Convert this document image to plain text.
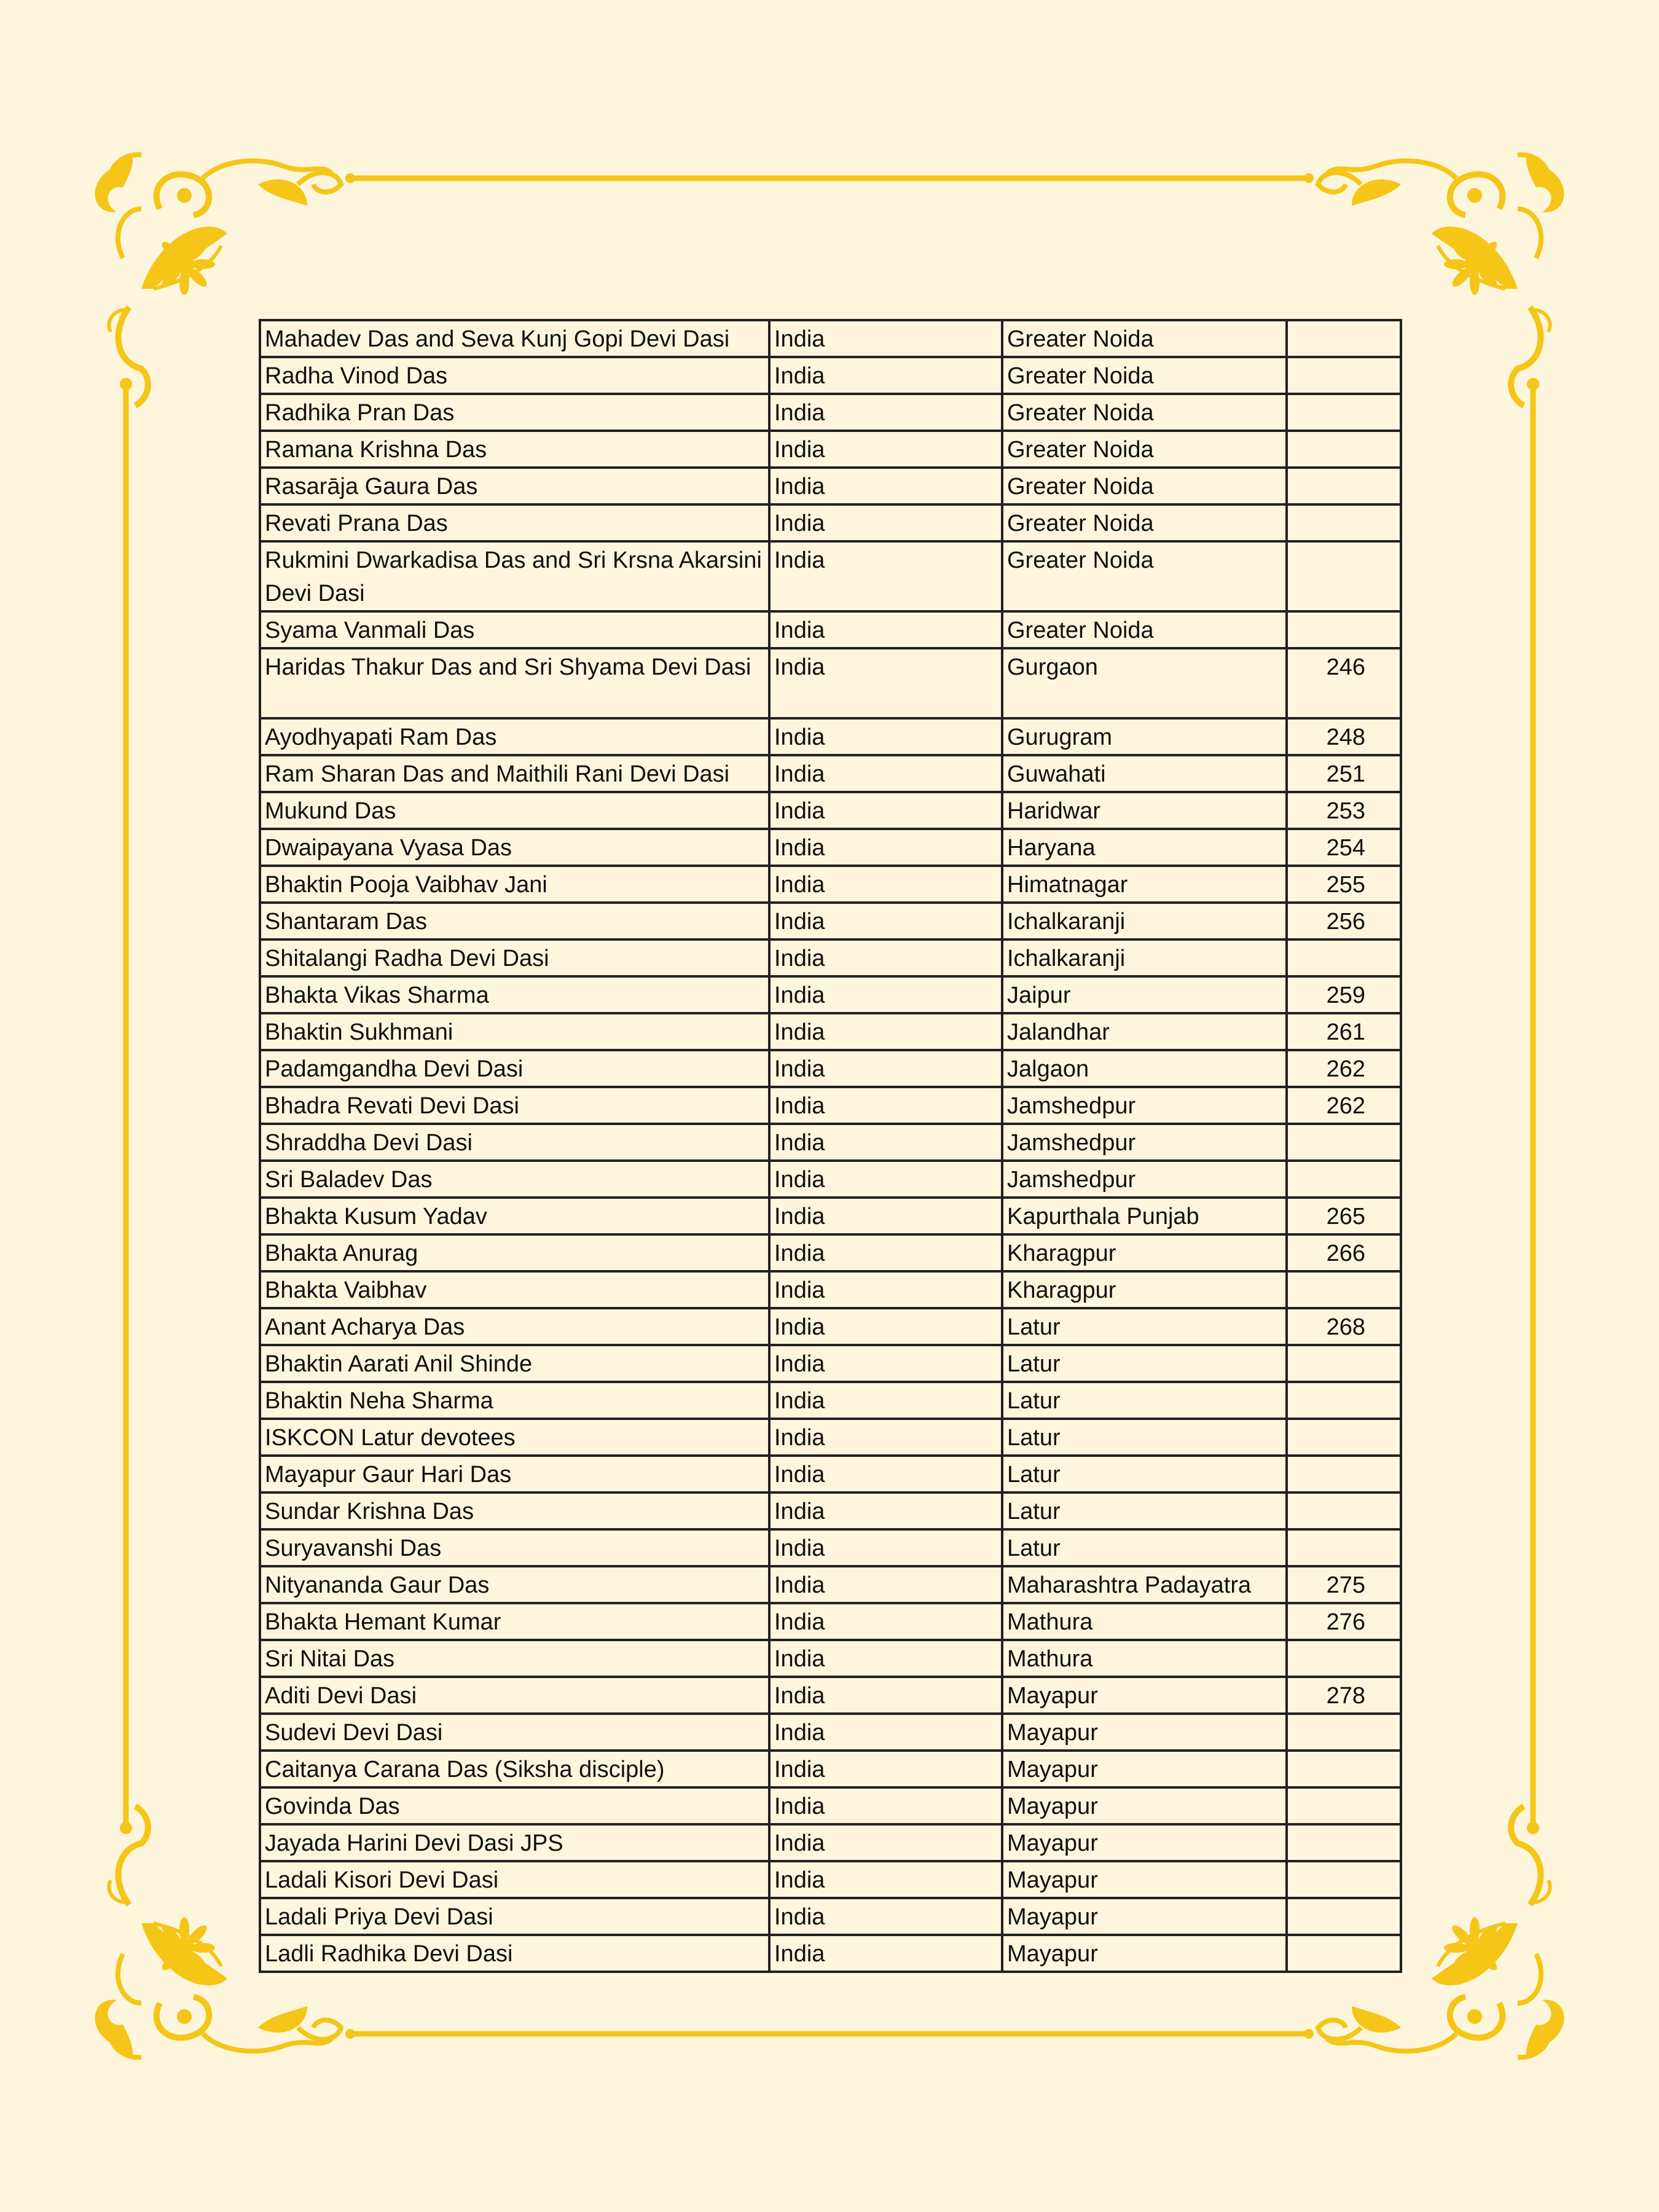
Mahadev Das and Seva Kunj Gopi Devi Dasi	India	Greater Noida	
Radha Vinod Das	India	Greater Noida	
Radhika Pran Das	India	Greater Noida	
Ramana Krishna Das	India	Greater Noida	
Rasarāja Gaura Das	India	Greater Noida	
Revati Prana Das	India	Greater Noida	
Rukmini Dwarkadisa Das and Sri Krsna Akarsini Devi Dasi	India	Greater Noida	
Syama Vanmali Das	India	Greater Noida	
Haridas Thakur Das and Sri Shyama Devi Dasi	India	Gurgaon	246
Ayodhyapati Ram Das	India	Gurugram	248
Ram Sharan Das and Maithili Rani Devi Dasi	India	Guwahati	251
Mukund Das	India	Haridwar	253
Dwaipayana Vyasa Das	India	Haryana	254
Bhaktin Pooja Vaibhav Jani	India	Himatnagar	255
Shantaram Das	India	Ichalkaranji	256
Shitalangi Radha Devi Dasi	India	Ichalkaranji	
Bhakta Vikas Sharma	India	Jaipur	259
Bhaktin Sukhmani	India	Jalandhar	261
Padamgandha Devi Dasi	India	Jalgaon	262
Bhadra Revati Devi Dasi	India	Jamshedpur	262
Shraddha Devi Dasi	India	Jamshedpur	
Sri Baladev Das	India	Jamshedpur	
Bhakta Kusum Yadav	India	Kapurthala Punjab	265
Bhakta Anurag	India	Kharagpur	266
Bhakta Vaibhav	India	Kharagpur	
Anant Acharya Das	India	Latur	268
Bhaktin Aarati Anil Shinde	India	Latur	
Bhaktin Neha Sharma	India	Latur	
ISKCON Latur devotees	India	Latur	
Mayapur Gaur Hari Das	India	Latur	
Sundar Krishna Das	India	Latur	
Suryavanshi Das	India	Latur	
Nityananda Gaur Das	India	Maharashtra Padayatra	275
Bhakta Hemant Kumar	India	Mathura	276
Sri Nitai Das	India	Mathura	
Aditi Devi Dasi	India	Mayapur	278
Sudevi Devi Dasi	India	Mayapur	
Caitanya Carana Das (Siksha disciple)	India	Mayapur	
Govinda Das	India	Mayapur	
Jayada Harini Devi Dasi JPS	India	Mayapur	
Ladali Kisori Devi Dasi	India	Mayapur	
Ladali Priya Devi Dasi	India	Mayapur	
Ladli Radhika Devi Dasi	India	Mayapur	
